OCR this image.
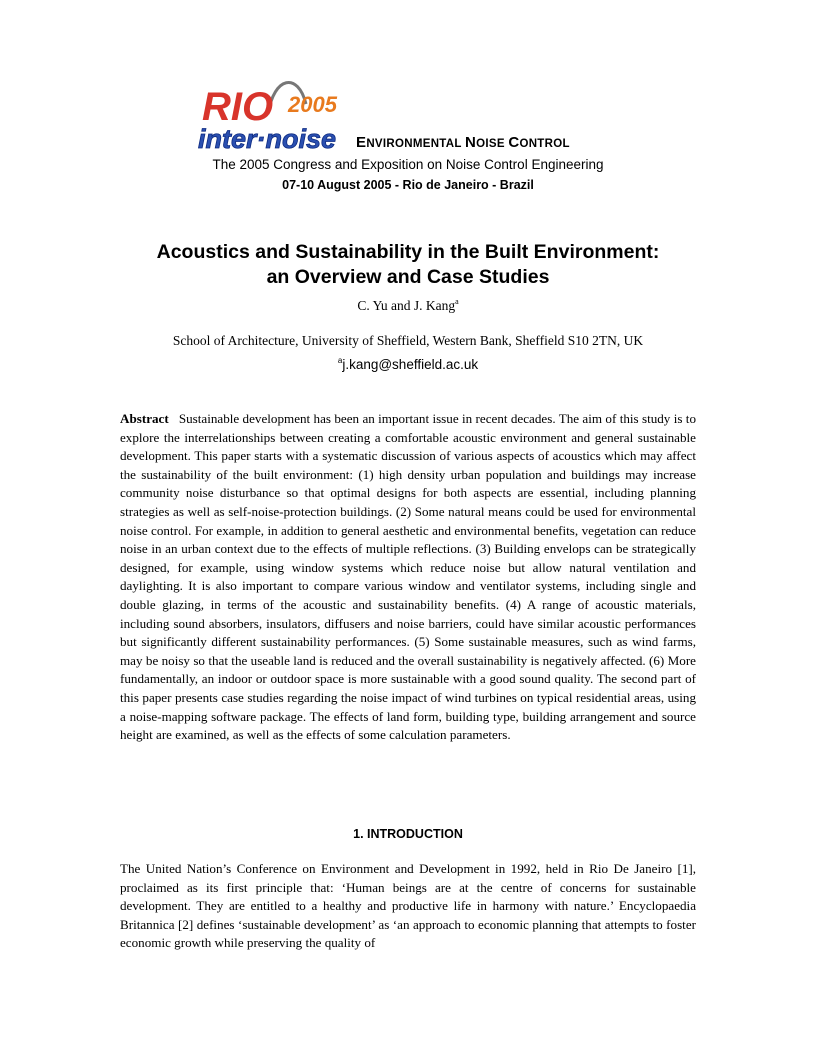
RIO 2005
inter·noise ENVIRONMENTAL NOISE CONTROL
The 2005 Congress and Exposition on Noise Control Engineering
07-10 August 2005 - Rio de Janeiro - Brazil
Acoustics and Sustainability in the Built Environment:
an Overview and Case Studies
C. Yu and J. Kang$^a$
School of Architecture, University of Sheffield, Western Bank, Sheffield S10 2TN, UK
$^a$j.kang@sheffield.ac.uk

Abstract Sustainable development has been an important issue in recent decades. The aim of this study is to explore the interrelationships between creating a comfortable acoustic environment and general sustainable development. This paper starts with a systematic discussion of various aspects of acoustics which may affect the sustainability of the built environment: (1) high density urban population and buildings may increase community noise disturbance so that optimal designs for both aspects are essential, including planning strategies as well as self-noise-protection buildings. (2) Some natural means could be used for environmental noise control. For example, in addition to general aesthetic and environmental benefits, vegetation can reduce noise in an urban context due to the effects of multiple reflections. (3) Building envelops can be strategically designed, for example, using window systems which reduce noise but allow natural ventilation and daylighting. It is also important to compare various window and ventilator systems, including single and double glazing, in terms of the acoustic and sustainability benefits. (4) A range of acoustic materials, including sound absorbers, insulators, diffusers and noise barriers, could have similar acoustic performances but significantly different sustainability performances. (5) Some sustainable measures, such as wind farms, may be noisy so that the useable land is reduced and the overall sustainability is negatively affected. (6) More fundamentally, an indoor or outdoor space is more sustainable with a good sound quality. The second part of this paper presents case studies regarding the noise impact of wind turbines on typical residential areas, using a noise-mapping software package. The effects of land form, building type, building arrangement and source height are examined, as well as the effects of some calculation parameters.

1. INTRODUCTION

The United Nation’s Conference on Environment and Development in 1992, held in Rio De Janeiro [1], proclaimed as its first principle that: ‘Human beings are at the centre of concerns for sustainable development. They are entitled to a healthy and productive life in harmony with nature.’ Encyclopaedia Britannica [2] defines ‘sustainable development’ as ‘an approach to economic planning that attempts to foster economic growth while preserving the quality of
